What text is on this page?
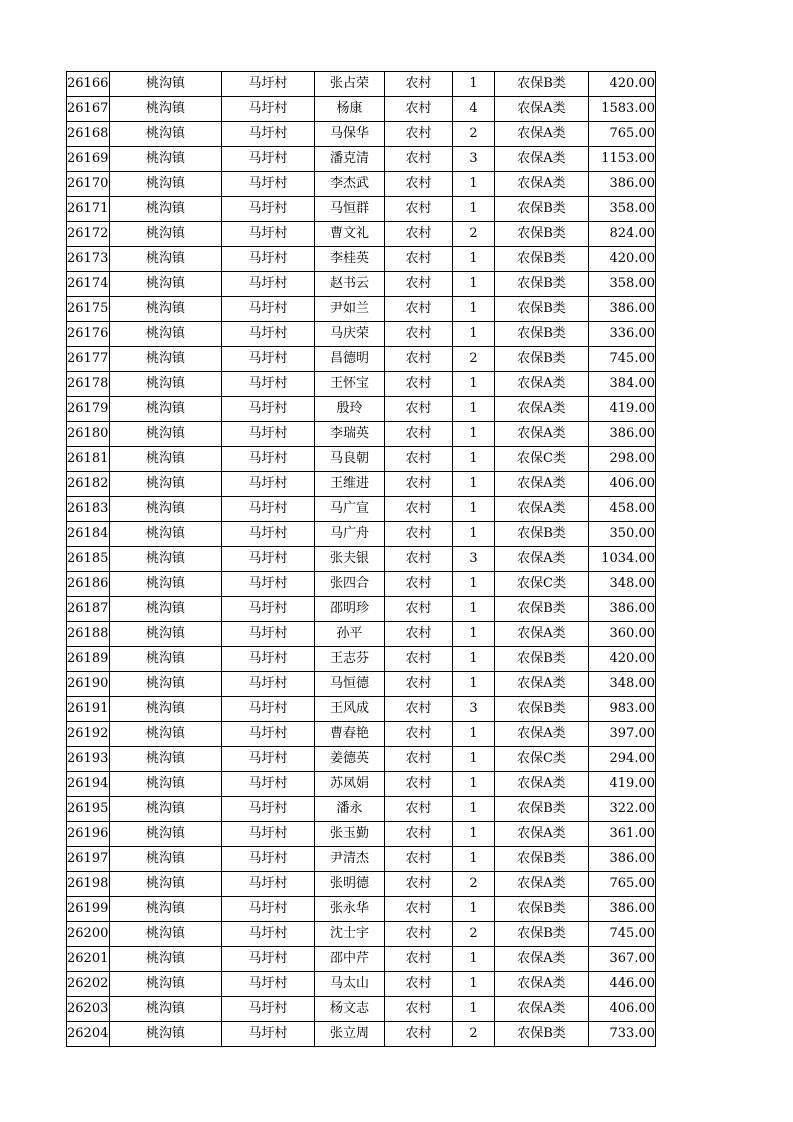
26166	桃沟镇	马圩村	张占荣	农村	1	农保B类	420.00
26167	桃沟镇	马圩村	杨康	农村	4	农保A类	1583.00
26168	桃沟镇	马圩村	马保华	农村	2	农保A类	765.00
26169	桃沟镇	马圩村	潘克清	农村	3	农保A类	1153.00
26170	桃沟镇	马圩村	李杰武	农村	1	农保A类	386.00
26171	桃沟镇	马圩村	马恒群	农村	1	农保B类	358.00
26172	桃沟镇	马圩村	曹文礼	农村	2	农保B类	824.00
26173	桃沟镇	马圩村	李桂英	农村	1	农保B类	420.00
26174	桃沟镇	马圩村	赵书云	农村	1	农保B类	358.00
26175	桃沟镇	马圩村	尹如兰	农村	1	农保B类	386.00
26176	桃沟镇	马圩村	马庆荣	农村	1	农保B类	336.00
26177	桃沟镇	马圩村	昌德明	农村	2	农保B类	745.00
26178	桃沟镇	马圩村	王怀宝	农村	1	农保A类	384.00
26179	桃沟镇	马圩村	殷玲	农村	1	农保A类	419.00
26180	桃沟镇	马圩村	李瑞英	农村	1	农保A类	386.00
26181	桃沟镇	马圩村	马良朝	农村	1	农保C类	298.00
26182	桃沟镇	马圩村	王维进	农村	1	农保A类	406.00
26183	桃沟镇	马圩村	马广宣	农村	1	农保A类	458.00
26184	桃沟镇	马圩村	马广舟	农村	1	农保B类	350.00
26185	桃沟镇	马圩村	张夫银	农村	3	农保A类	1034.00
26186	桃沟镇	马圩村	张四合	农村	1	农保C类	348.00
26187	桃沟镇	马圩村	邵明珍	农村	1	农保B类	386.00
26188	桃沟镇	马圩村	孙平	农村	1	农保A类	360.00
26189	桃沟镇	马圩村	王志芬	农村	1	农保B类	420.00
26190	桃沟镇	马圩村	马恒德	农村	1	农保A类	348.00
26191	桃沟镇	马圩村	王风成	农村	3	农保B类	983.00
26192	桃沟镇	马圩村	曹春艳	农村	1	农保A类	397.00
26193	桃沟镇	马圩村	姜德英	农村	1	农保C类	294.00
26194	桃沟镇	马圩村	苏凤娟	农村	1	农保A类	419.00
26195	桃沟镇	马圩村	潘永	农村	1	农保B类	322.00
26196	桃沟镇	马圩村	张玉勤	农村	1	农保A类	361.00
26197	桃沟镇	马圩村	尹清杰	农村	1	农保B类	386.00
26198	桃沟镇	马圩村	张明德	农村	2	农保A类	765.00
26199	桃沟镇	马圩村	张永华	农村	1	农保B类	386.00
26200	桃沟镇	马圩村	沈士宇	农村	2	农保B类	745.00
26201	桃沟镇	马圩村	邵中芹	农村	1	农保A类	367.00
26202	桃沟镇	马圩村	马太山	农村	1	农保A类	446.00
26203	桃沟镇	马圩村	杨文志	农村	1	农保A类	406.00
26204	桃沟镇	马圩村	张立周	农村	2	农保B类	733.00
